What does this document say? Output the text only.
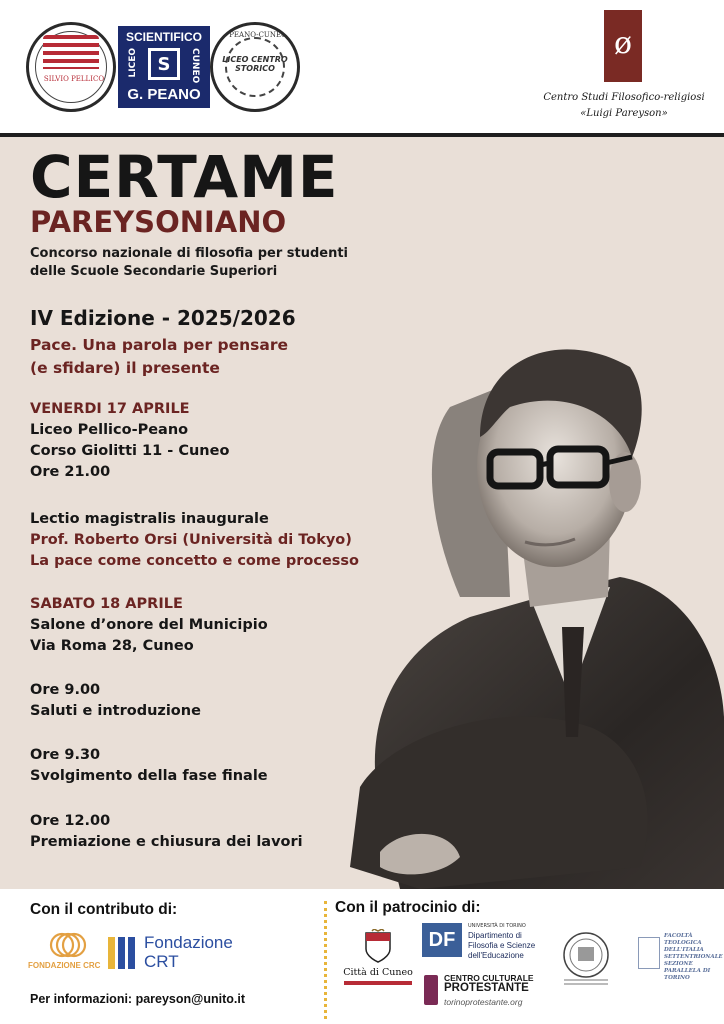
SILVIO PELLICO
SCIENTIFICO
LICEO	S	CUNEO
G. PEANO
PEANO-CUNEO
LICEO CENTRO STORICO
ø
Centro Studi Filosofico-religiosi
«Luigi Pareyson»
CERTAME
PAREYSONIANO
Concorso nazionale di filosofia per studenti
delle Scuole Secondarie Superiori
IV Edizione - 2025/2026
Pace. Una parola per pensare
(e sfidare) il presente
VENERDI 17 APRILE
Liceo Pellico-Peano
Corso Giolitti 11 - Cuneo
Ore 21.00
Lectio magistralis inaugurale
Prof. Roberto Orsi (Università di Tokyo)
La pace come concetto e come processo
SABATO 18 APRILE
Salone d’onore del Municipio
Via Roma 28, Cuneo
Ore 9.00
Saluti e introduzione
Ore 9.30
Svolgimento della fase finale
Ore 12.00
Premiazione e chiusura dei lavori
Con il contributo di:
FONDAZIONE CRC
Fondazione
CRT
Per informazioni: pareyson@unito.it
Con il patrocinio di:
Città di Cuneo
DF
UNIVERSITÀ DI TORINO
Dipartimento di
Filosofia e Scienze
dell'Educazione
CENTRO CULTURALE
PROTESTANTE
torinoprotestante.org
FACOLTÀ TEOLOGICA DELL'ITALIA SETTENTRIONALE SEZIONE PARALLELA DI TORINO
